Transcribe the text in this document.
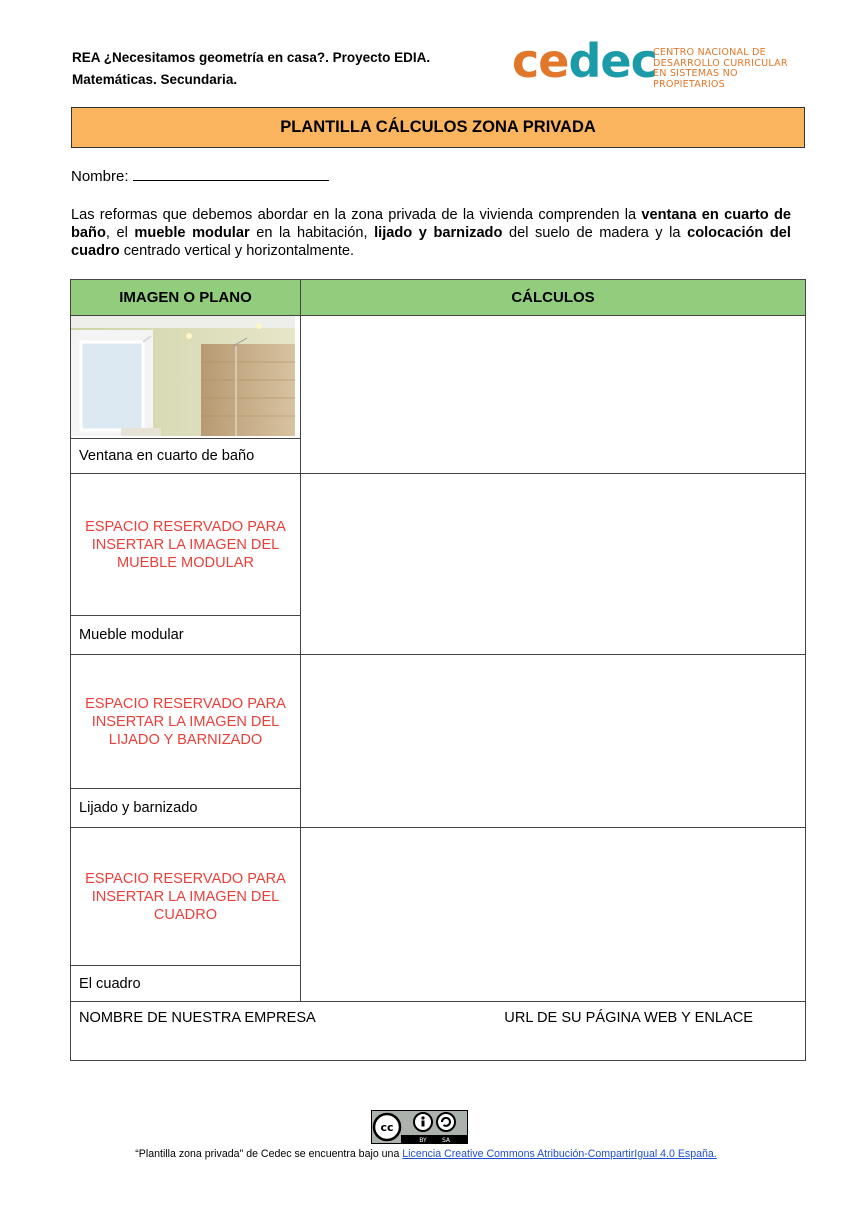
REA ¿Necesitamos geometría en casa?. Proyecto EDIA.
Matemáticas. Secundaria.	cedec
CENTRO NACIONAL DE
DESARROLLO CURRICULAR
EN SISTEMAS NO PROPIETARIOS
PLANTILLA CÁLCULOS ZONA PRIVADA
Nombre:
Las reformas que debemos abordar en la zona privada de la vivienda comprenden la ventana en cuarto de baño, el mueble modular en la habitación, lijado y barnizado del suelo de madera y la colocación del cuadro centrado vertical y horizontalmente.
IMAGEN O PLANO	CÁLCULOS

Ventana en cuarto de baño	

ESPACIO RESERVADO PARA
INSERTAR LA IMAGEN DEL
MUEBLE MODULAR	

Mueble modular	

ESPACIO RESERVADO PARA
INSERTAR LA IMAGEN DEL
LIJADO Y BARNIZADO	

Lijado y barnizado	

ESPACIO RESERVADO PARA
INSERTAR LA IMAGEN DEL
CUADRO	

El cuadro	

NOMBRE DE NUESTRA EMPRESA URL DE SU PÁGINA WEB Y ENLACE	
cc
BY	SA
“Plantilla zona privada" de Cedec se encuentra bajo una Licencia Creative Commons Atribución-CompartirIgual 4.0 España.
